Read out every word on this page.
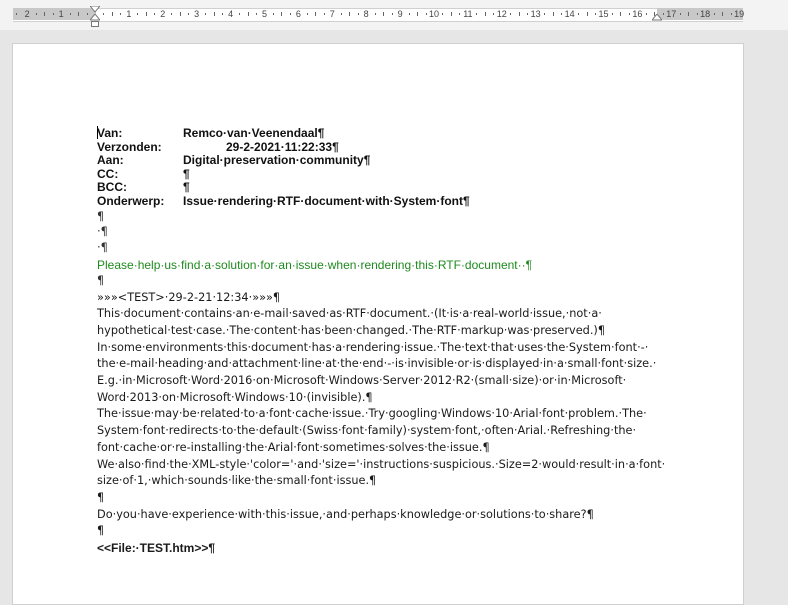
2	1	1	2	3	4	5	6	7	8	9	10	11	12	13	14	15	16	17	18	19
Van:	Remco·van·Veenendaal¶
Verzonden:	29-2-2021·11:22:33¶
Aan:	Digital·preservation·community¶
CC:	¶
BCC:	¶
Onderwerp: Issue·rendering·RTF·document·with·System·font¶
¶
·¶
·¶
Please·help·us·find·a·solution·for·an·issue·when·rendering·this·RTF·document··¶
¶
»»»<TEST>·29-2-21·12:34·»»»¶
This·document·contains·an·e-mail·saved·as·RTF·document.·(It·is·a·real-world·issue,·not·a·
hypothetical·test·case.·The·content·has·been·changed.·The·RTF·markup·was·preserved.)¶
In·some·environments·this·document·has·a·rendering·issue.·The·text·that·uses·the·System·font·-·
the·e-mail·heading·and·attachment·line·at·the·end·-·is·invisible·or·is·displayed·in·a·small·font·size.·
E.g.·in·Microsoft·Word·2016·on·Microsoft·Windows·Server·2012·R2·(small·size)·or·in·Microsoft·
Word·2013·on·Microsoft·Windows·10·(invisible).¶
The·issue·may·be·related·to·a·font·cache·issue.·Try·googling·Windows·10·Arial·font·problem.·The·
System·font·redirects·to·the·default·(Swiss·font·family)·system·font,·often·Arial.·Refreshing·the·
font·cache·or·re-installing·the·Arial·font·sometimes·solves·the·issue.¶
We·also·find·the·XML-style·'color='·and·'size='·instructions·suspicious.·Size=2·would·result·in·a·font·
size·of·1,·which·sounds·like·the·small·font·issue.¶
¶
Do·you·have·experience·with·this·issue,·and·perhaps·knowledge·or·solutions·to·share?¶
¶
<<File:·TEST.htm>>¶
